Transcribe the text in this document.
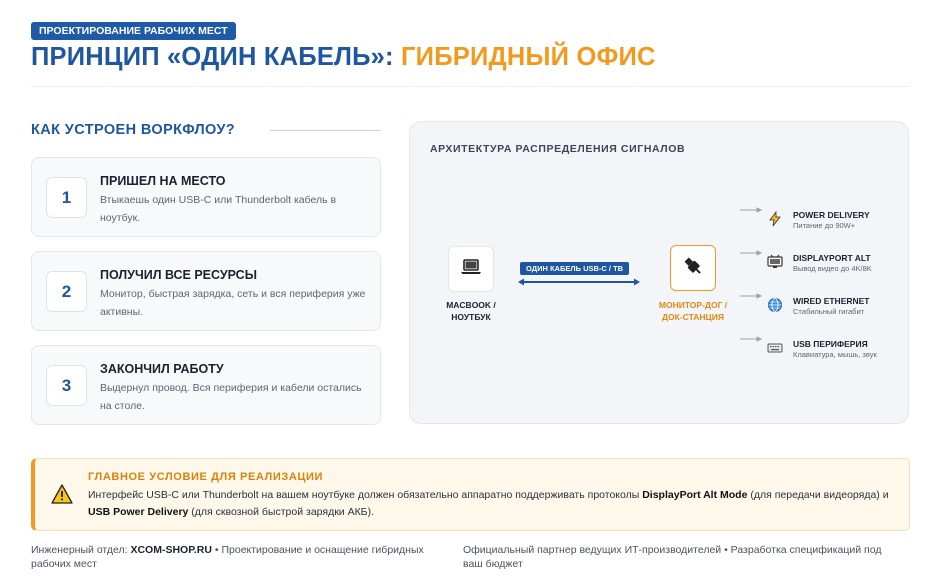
ПРОЕКТИРОВАНИЕ РАБОЧИХ МЕСТ
ПРИНЦИП «ОДИН КАБЕЛЬ»: ГИБРИДНЫЙ ОФИС
КАК УСТРОЕН ВОРКФЛОУ?
1
ПРИШЕЛ НА МЕСТО
Втыкаешь один USB-C или Thunderbolt кабель в ноутбук.
2
ПОЛУЧИЛ ВСЕ РЕСУРСЫ
Монитор, быстрая зарядка, сеть и вся периферия уже активны.
3
ЗАКОНЧИЛ РАБОТУ
Выдернул провод. Вся периферия и кабели остались на столе.
АРХИТЕКТУРА РАСПРЕДЕЛЕНИЯ СИГНАЛОВ
MACBOOK /
НОУТБУК
ОДИН КАБЕЛЬ USB-C / TB
МОНИТОР-ДОГ /
ДОК-СТАНЦИЯ
POWER DELIVERY
Питание до 90W+
DISPLAYPORT ALT
Вывод видео до 4K/8K
WIRED ETHERNET
Стабильный гигабит
USB ПЕРИФЕРИЯ
Клавиатура, мышь, звук
ГЛАВНОЕ УСЛОВИЕ ДЛЯ РЕАЛИЗАЦИИ
Интерфейс USB-C или Thunderbolt на вашем ноутбуке должен обязательно аппаратно поддерживать протоколы DisplayPort Alt Mode (для передачи видеоряда) и USB Power Delivery (для сквозной быстрой зарядки АКБ).
Инженерный отдел: XCOM-SHOP.RU • Проектирование и оснащение гибридных рабочих мест
Официальный партнер ведущих ИТ-производителей • Разработка спецификаций под ваш бюджет
